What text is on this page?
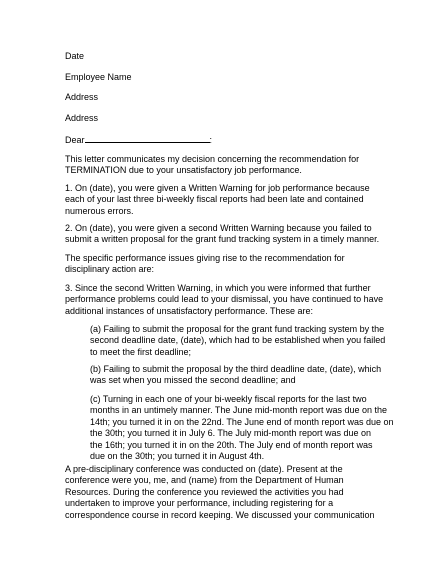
Date

Employee Name

Address

Address

Dear	:

This letter communicates my decision concerning the recommendation for
TERMINATION due to your unsatisfactory job performance.

1. On (date), you were given a Written Warning for job performance because
each of your last three bi-weekly fiscal reports had been late and contained
numerous errors.

2. On (date), you were given a second Written Warning because you failed to
submit a written proposal for the grant fund tracking system in a timely manner.

The specific performance issues giving rise to the recommendation for
disciplinary action are:

3. Since the second Written Warning, in which you were informed that further
performance problems could lead to your dismissal, you have continued to have
additional instances of unsatisfactory performance. These are:

(a) Failing to submit the proposal for the grant fund tracking system by the
second deadline date, (date), which had to be established when you failed
to meet the first deadline;

(b) Failing to submit the proposal by the third deadline date, (date), which
was set when you missed the second deadline; and

(c) Turning in each one of your bi-weekly fiscal reports for the last two
months in an untimely manner. The June mid-month report was due on the
14th; you turned it in on the 22nd. The June end of month report was due on
the 30th; you turned it in July 6. The July mid-month report was due on
the 16th; you turned it in on the 20th. The July end of month report was
due on the 30th; you turned it in August 4th.

A pre-disciplinary conference was conducted on (date). Present at the
conference were you, me, and (name) from the Department of Human
Resources. During the conference you reviewed the activities you had
undertaken to improve your performance, including registering for a
correspondence course in record keeping. We discussed your communication
